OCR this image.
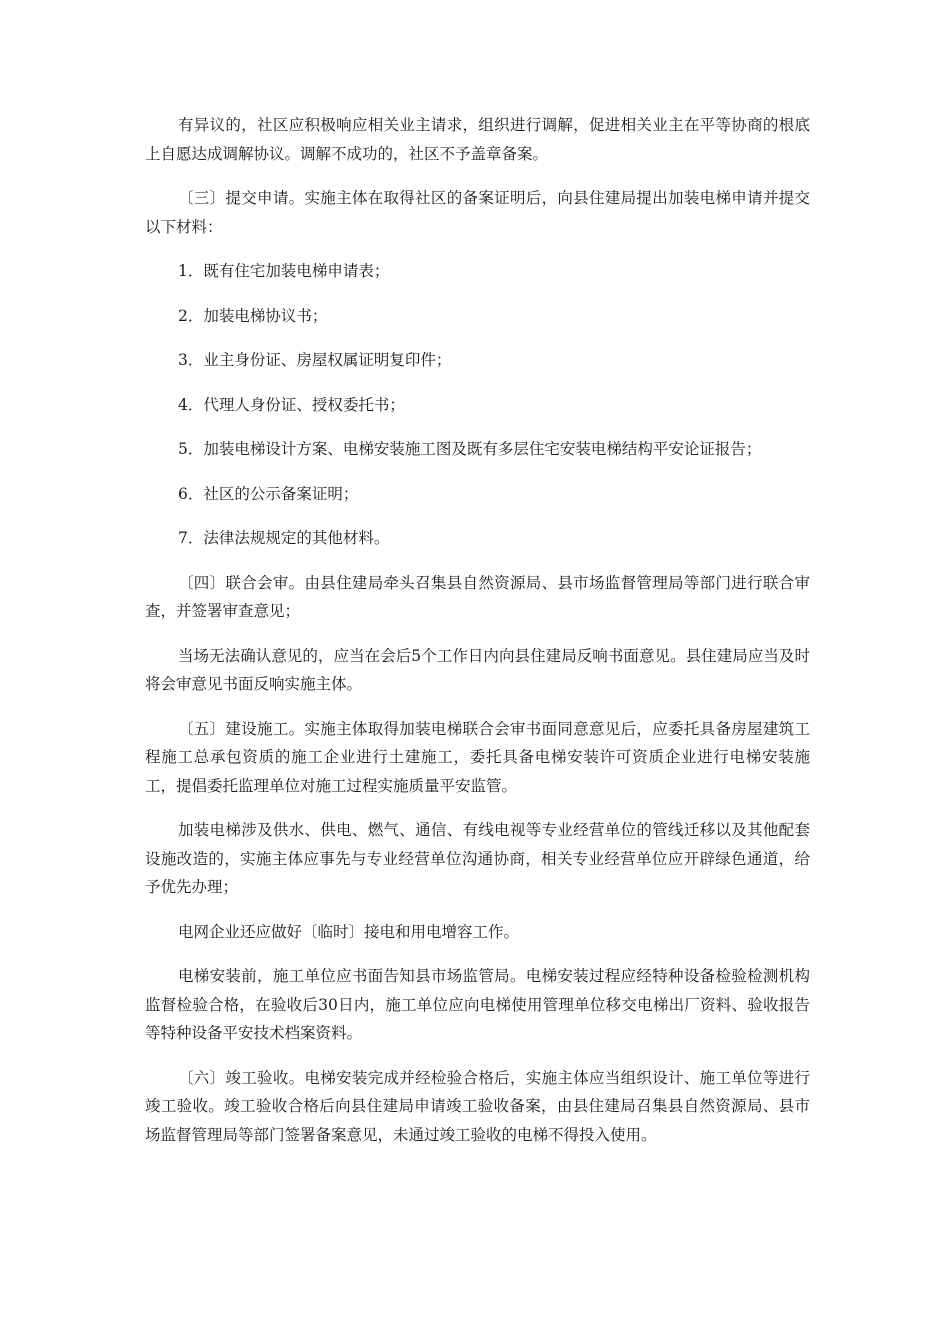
有异议的，社区应积极响应相关业主请求，组织进行调解，促进相关业主在平等协商的根底上自愿达成调解协议。调解不成功的，社区不予盖章备案。

〔三〕提交申请。实施主体在取得社区的备案证明后，向县住建局提出加装电梯申请并提交以下材料：

1．既有住宅加装电梯申请表；

2．加装电梯协议书；

3．业主身份证、房屋权属证明复印件；

4．代理人身份证、授权委托书；

5．加装电梯设计方案、电梯安装施工图及既有多层住宅安装电梯结构平安论证报告；

6．社区的公示备案证明；

7．法律法规规定的其他材料。

〔四〕联合会审。由县住建局牵头召集县自然资源局、县市场监督管理局等部门进行联合审查，并签署审查意见；

当场无法确认意见的，应当在会后5个工作日内向县住建局反响书面意见。县住建局应当及时将会审意见书面反响实施主体。

〔五〕建设施工。实施主体取得加装电梯联合会审书面同意意见后，应委托具备房屋建筑工程施工总承包资质的施工企业进行土建施工，委托具备电梯安装许可资质企业进行电梯安装施工，提倡委托监理单位对施工过程实施质量平安监管。

加装电梯涉及供水、供电、燃气、通信、有线电视等专业经营单位的管线迁移以及其他配套设施改造的，实施主体应事先与专业经营单位沟通协商，相关专业经营单位应开辟绿色通道，给予优先办理；

电网企业还应做好〔临时〕接电和用电增容工作。

电梯安装前，施工单位应书面告知县市场监管局。电梯安装过程应经特种设备检验检测机构监督检验合格，在验收后30日内，施工单位应向电梯使用管理单位移交电梯出厂资料、验收报告等特种设备平安技术档案资料。

〔六〕竣工验收。电梯安装完成并经检验合格后，实施主体应当组织设计、施工单位等进行竣工验收。竣工验收合格后向县住建局申请竣工验收备案，由县住建局召集县自然资源局、县市场监督管理局等部门签署备案意见，未通过竣工验收的电梯不得投入使用。
